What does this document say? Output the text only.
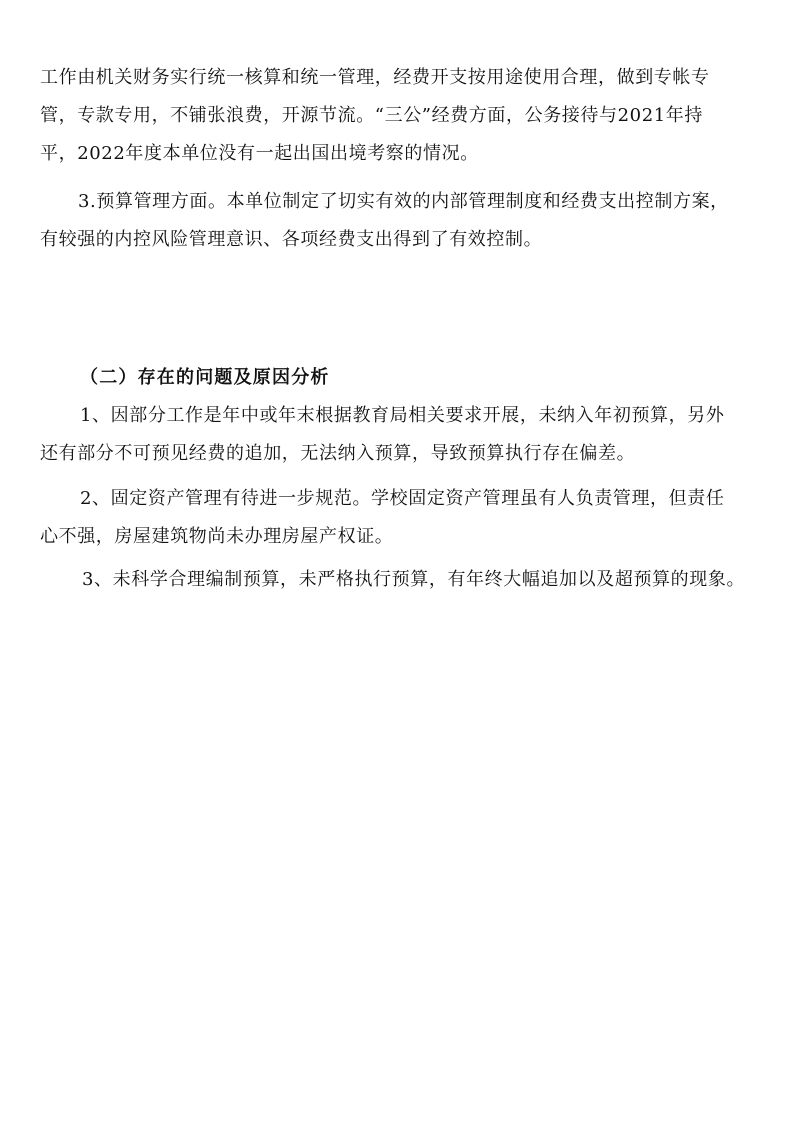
工作由机关财务实行统一核算和统一管理，经费开支按用途使用合理，做到专帐专

管，专款专用，不铺张浪费，开源节流。“三公”经费方面，公务接待与2021年持

平，2022年度本单位没有一起出国出境考察的情况。

3.预算管理方面。本单位制定了切实有效的内部管理制度和经费支出控制方案，

有较强的内控风险管理意识、各项经费支出得到了有效控制。

（二）存在的问题及原因分析

1、因部分工作是年中或年末根据教育局相关要求开展，未纳入年初预算，另外

还有部分不可预见经费的追加，无法纳入预算，导致预算执行存在偏差。

2、固定资产管理有待进一步规范。学校固定资产管理虽有人负责管理，但责任

心不强，房屋建筑物尚未办理房屋产权证。

3、未科学合理编制预算，未严格执行预算，有年终大幅追加以及超预算的现象。
